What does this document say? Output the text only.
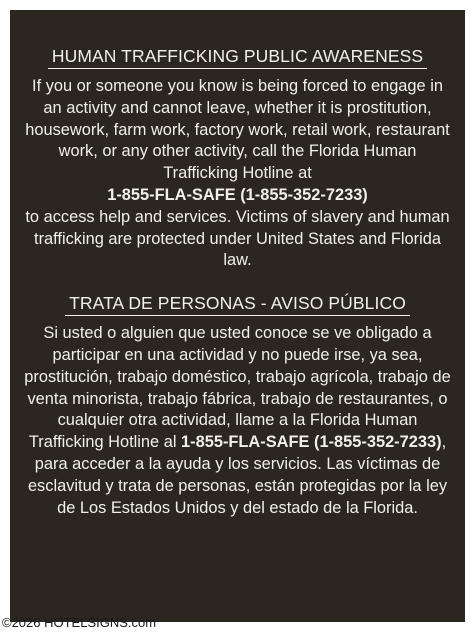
HUMAN TRAFFICKING PUBLIC AWARENESS

If you or someone you know is being forced to engage in an activity and cannot leave, whether it is prostitution, housework, farm work, factory work, retail work, restaurant work, or any other activity, call the Florida Human Trafficking Hotline at
1-855-FLA-SAFE (1-855-352-7233)
to access help and services. Victims of slavery and human trafficking are protected under United States and Florida law.

TRATA DE PERSONAS - AVISO PÚBLICO

Si usted o alguien que usted conoce se ve obligado a participar en una actividad y no puede irse, ya sea, prostitución, trabajo doméstico, trabajo agrícola, trabajo de venta minorista, trabajo fábrica, trabajo de restaurantes, o cualquier otra actividad, llame a la Florida Human Trafficking Hotline al 1-855-FLA-SAFE (1-855-352-7233), para acceder a la ayuda y los servicios. Las víctimas de esclavitud y trata de personas, están protegidas por la ley de Los Estados Unidos y del estado de la Florida.

©2026 HOTELSIGNS.com
